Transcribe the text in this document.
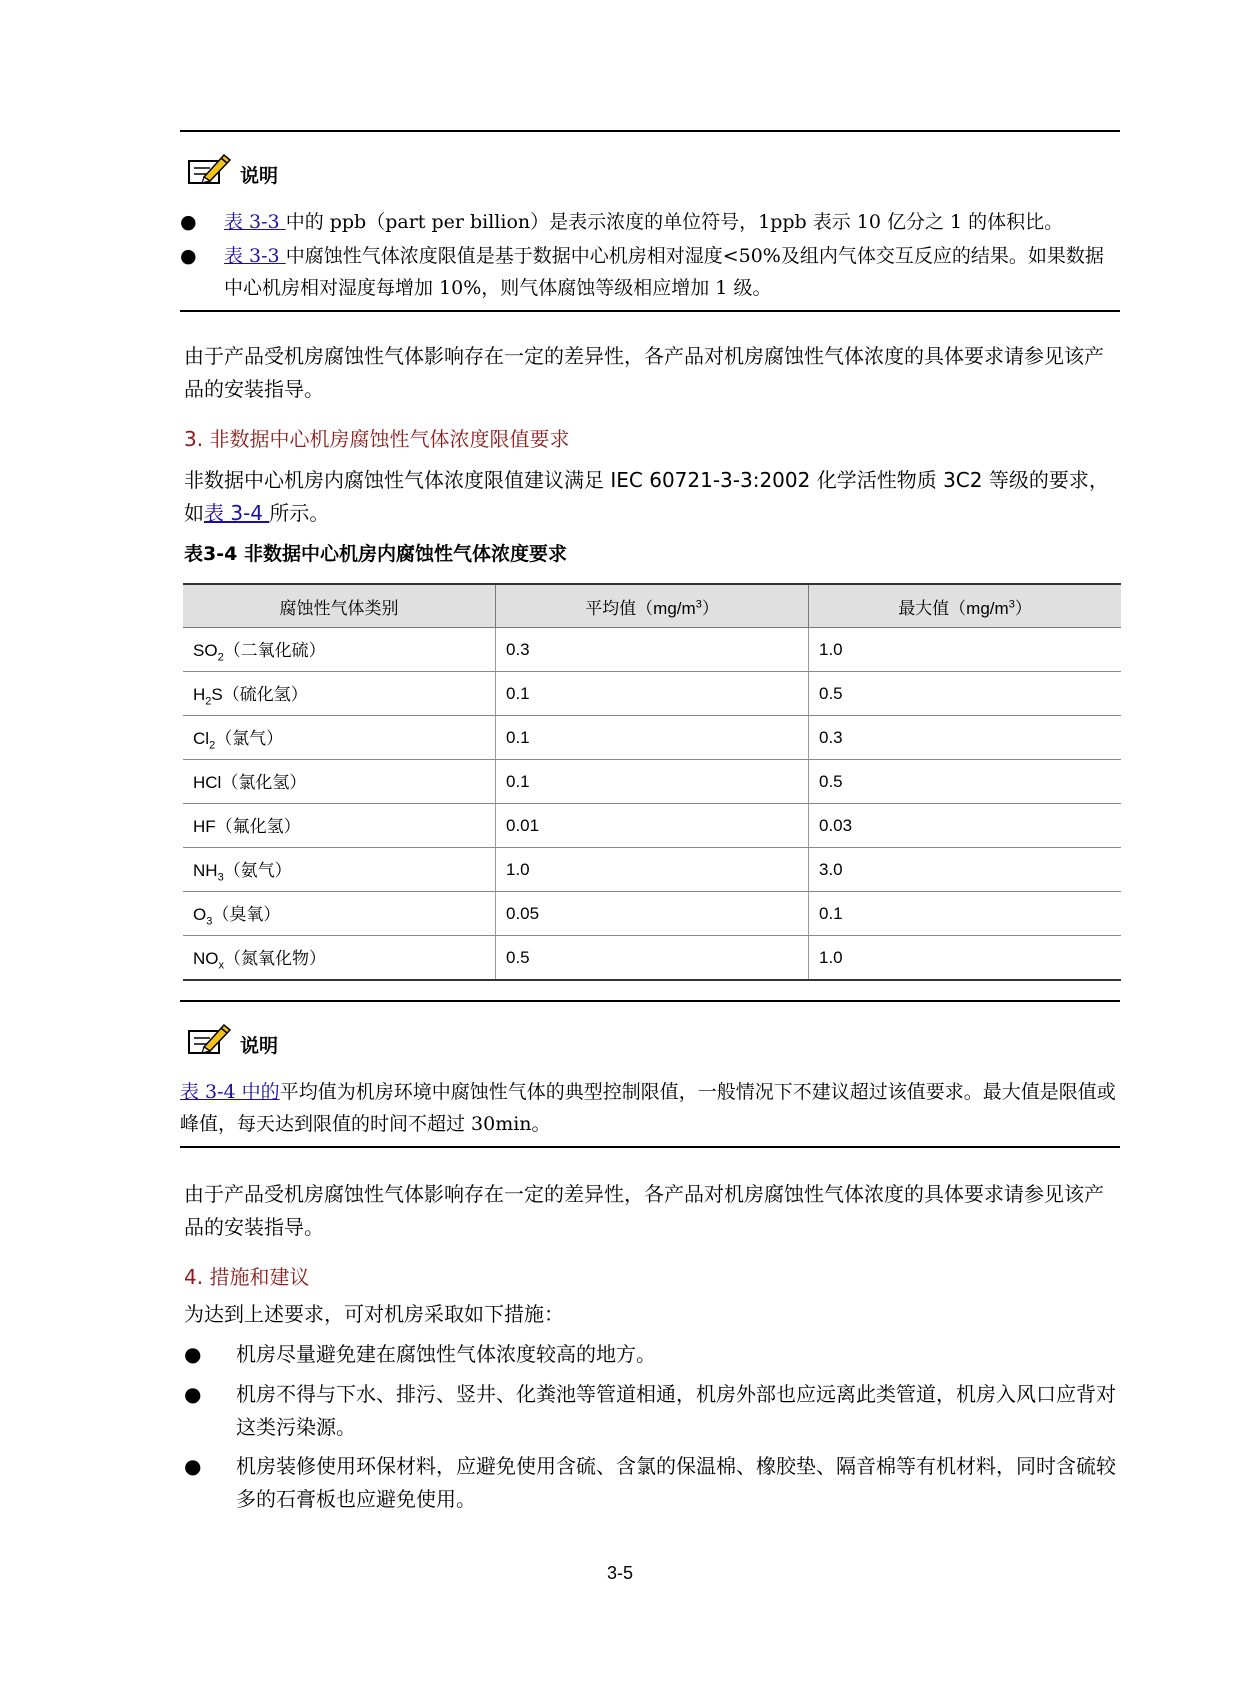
说明
● 表 3-3 中的 ppb（part per billion）是表示浓度的单位符号，1ppb 表示 10 亿分之 1 的体积比。
● 表 3-3 中腐蚀性气体浓度限值是基于数据中心机房相对湿度<50%及组内气体交互反应的结果。如果数据中心机房相对湿度每增加 10%，则气体腐蚀等级相应增加 1 级。
由于产品受机房腐蚀性气体影响存在一定的差异性，各产品对机房腐蚀性气体浓度的具体要求请参见该产品的安装指导。
3. 非数据中心机房腐蚀性气体浓度限值要求
非数据中心机房内腐蚀性气体浓度限值建议满足 IEC 60721-3-3:2002 化学活性物质 3C2 等级的要求，如表 3-4 所示。
表3-4 非数据中心机房内腐蚀性气体浓度要求
腐蚀性气体类别	平均值$(mg/m^3)$	最大值$(mg/m^3)$
$SO_2$（二氧化硫）	0.3	1.0
$H_2S$（硫化氢）	0.1	0.5
$Cl_2$（氯气）	0.1	0.3
HCl（氯化氢）	0.1	0.5
HF（氟化氢）	0.01	0.03
$NH_3$（氨气）	1.0	3.0
$O_3$（臭氧）	0.05	0.1
$NO_x$（氮氧化物）	0.5	1.0
说明
表 3-4 中的平均值为机房环境中腐蚀性气体的典型控制限值，一般情况下不建议超过该值要求。最大值是限值或峰值，每天达到限值的时间不超过 30min。
由于产品受机房腐蚀性气体影响存在一定的差异性，各产品对机房腐蚀性气体浓度的具体要求请参见该产品的安装指导。
4. 措施和建议
为达到上述要求，可对机房采取如下措施：
● 机房尽量避免建在腐蚀性气体浓度较高的地方。
● 机房不得与下水、排污、竖井、化粪池等管道相通，机房外部也应远离此类管道，机房入风口应背对这类污染源。
● 机房装修使用环保材料，应避免使用含硫、含氯的保温棉、橡胶垫、隔音棉等有机材料，同时含硫较多的石膏板也应避免使用。
3-5
